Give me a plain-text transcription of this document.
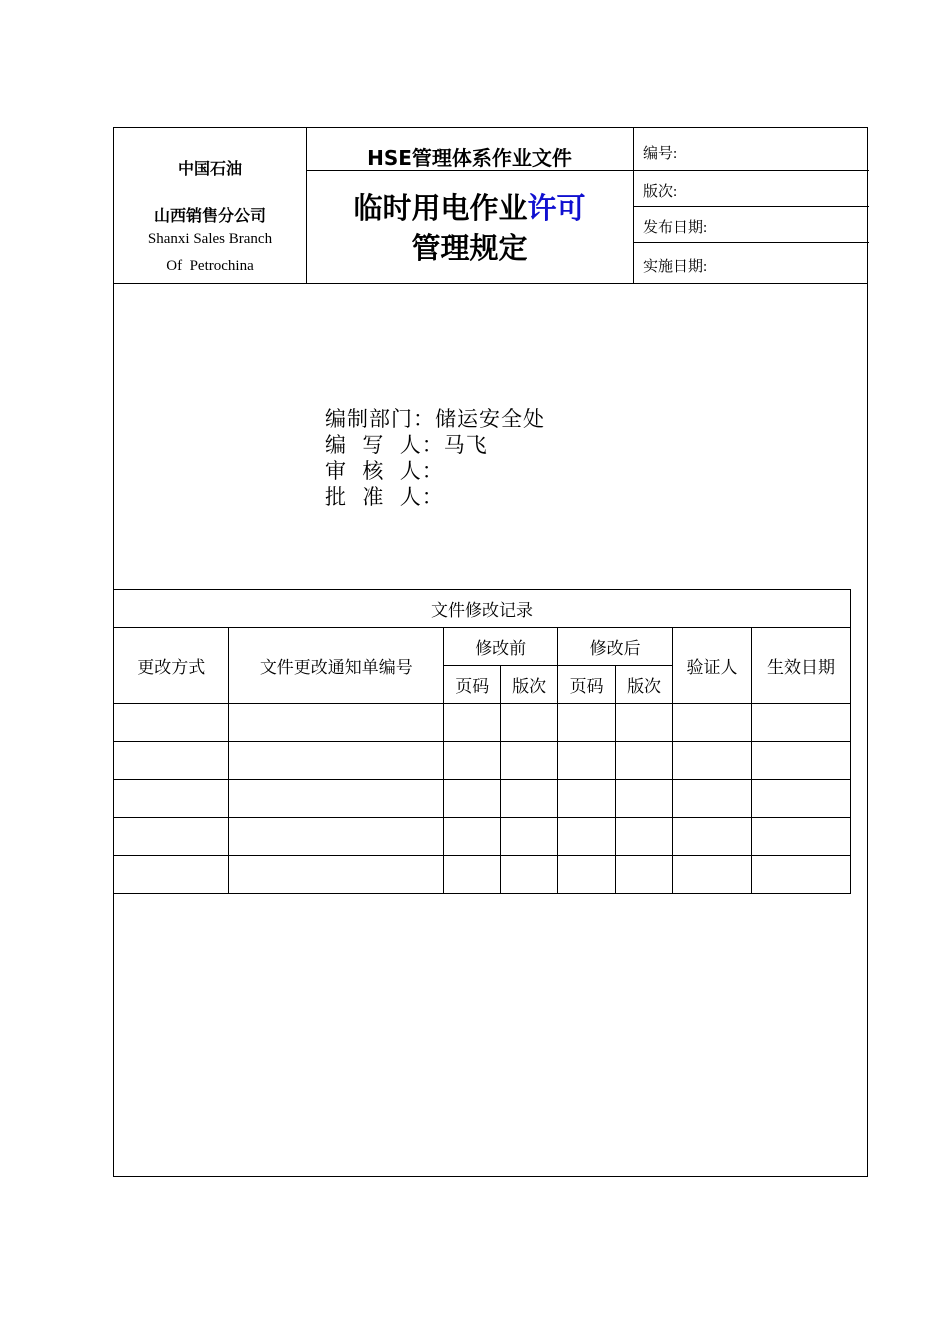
中国石油
山西销售分公司
Shanxi Sales Branch
Of  Petrochina
HSE管理体系作业文件
临时用电作业许可
管理规定
编号:
版次:
发布日期:
实施日期:
编制部门：储运安全处
编  写  人：马飞
审  核  人：
批  准  人：
文件修改记录							
更改方式	文件更改通知单编号	修改前		修改后		验证人	生效日期
		页码	版次	页码	版次		
